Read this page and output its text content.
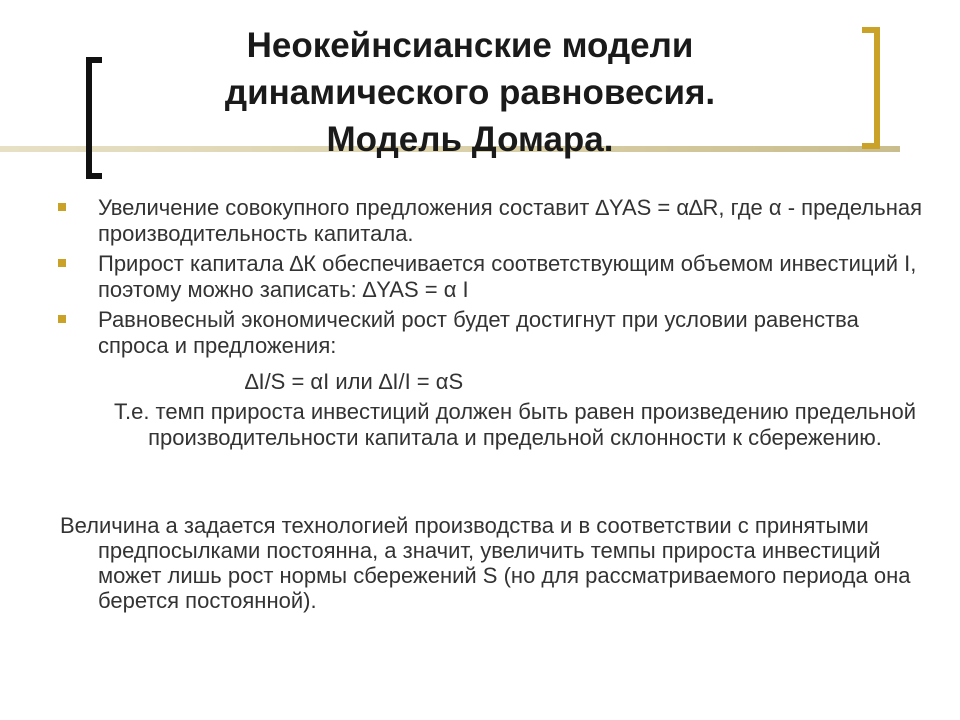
Неокейнсианские модели
динамического равновесия.
Модель Домара.
Увеличение совокупного предложения составит ∆YAS = α∆R, где α - предельная производительность капитала.
Прирост капитала ∆К обеспечивается соответствующим объемом инвестиций I, поэтому можно записать: ∆YAS = α I
Равновесный экономический рост будет достигнут при условии равенства спроса и предложения:
∆I/S = αI или ∆I/I = αS
Т.е. темп прироста инвестиций должен быть равен произведению предельной производительности капитала и предельной склонности к сбережению.
Величина a задается технологией производства и в соответствии с принятыми предпосылками постоянна, а значит, увеличить темпы прироста инвестиций может лишь рост нормы сбережений S (но для рассматриваемого периода она берется постоянной).
